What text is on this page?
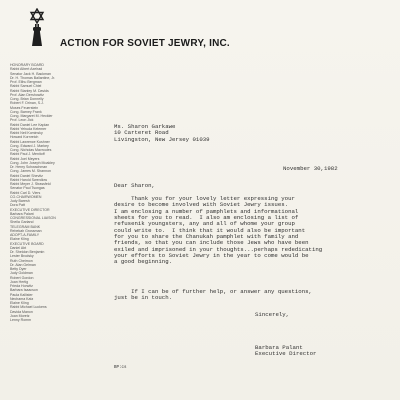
ACTION FOR SOVIET JEWRY, INC.
HONORARY BOARD
Rabbi Albert Axelrad
Senator Jack H. Backman
Dr. H. Thomas Ballantine, Jr.
Prof. Elihu Bergman
Rabbi Samuel Chiel
Rabbi Stanley M. Davids
Prof. Alan Dershowitz
Cong. Brian Donnelly
Robert F. Drinan, S.J.
Moses Feuerstein
Cong. Barney Frank
Cong. Margaret M. Heckler
Prof. Leon Jick
Rabbi Daniel Lee Kaplan
Rabbi Yehuda Kelemer
Rabbi Neil Kominsky
Howard Kornreich
Rabbi Lawrence Kushner
Cong. Edward J. Markey
Cong. Nicholas Mavroules
Rabbi Paul J. Menitoff
Rabbi Joel Meyers
Cong. John Joseph Moakley
Dr. Henry Schwachman
Cong. James M. Shannon
Rabbi Daniel Shevitz
Rabbi Harold Swerdlow
Rabbi Meyer J. Strassfeld
Senator Paul Tsongas
Rabbi Carl D. Viers
CO-CHAIRWOMEN
Judy Baresh
Dora Patt
EXECUTIVE DIRECTOR
Barbara Palant
CONGRESSIONAL LIAISON
Sheila Garland
TELEGRAM BANK
Rebekah Grossman
ADOPT-A-FAMILY
Elaine Kling
EXECUTIVE BOARD
Daniel Abt
Dr. Sheldon Benjamin
Lester Brodsky
Ruth Cheimon
Dr. Alan Gelman
Betty Dyer
Judy Goldman
Robert Gordon
Joan Hertig
Frieda Horwitz
Barbara Isaacson
Paula Kallister
Nechama Katz
Elaine Kling
Rabbi Michael Luckens
Davida Manon
Joan Moretz
Lenny Romm
Ms. Sharon Garkawe
10 Carteret Road
Livingston, New Jersey 01039
November 30,1982
Dear Sharon,
Thank you for your lovely letter expressing your
desire to become involved with Soviet Jewry issues.
I am enclosing a number of pamphlets and informational
sheets for you to read.  I also am enclosing a list of
refusenik youngsters, any and all of whome your group
could write to.  I think that it would also be important
for you to share the Chanukah pamphlet with family and
friends, so that you can include those Jews who have been
exiled and imprisoned in your thoughts...perhaps rededicating
your efforts to Soviet Jewry in the year to come would be
a good beginning.
If I can be of further help, or answer any questions,
just be in touch.
Sincerely,
Barbara Palant
Executive Director
BP:cs
